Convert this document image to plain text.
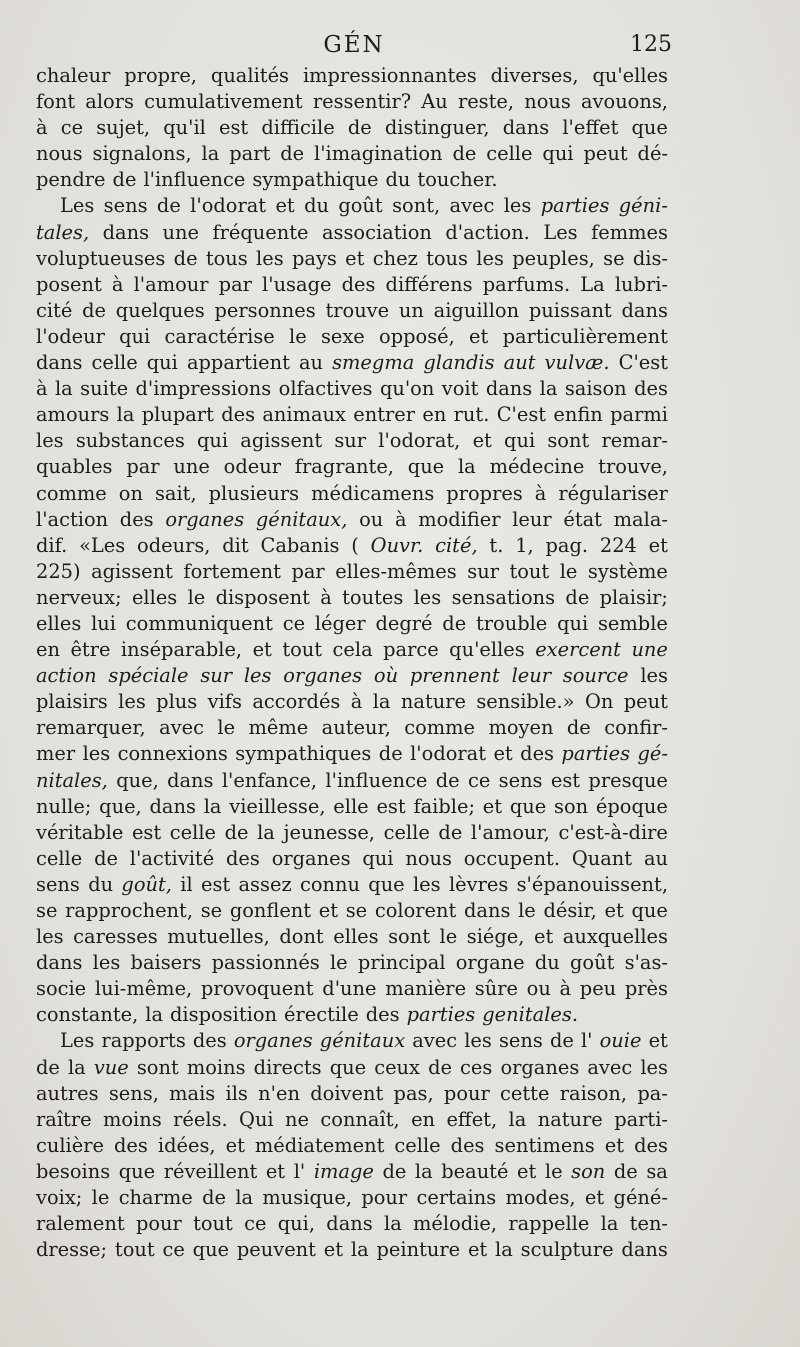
GÉN	125
chaleur propre, qualités impressionnantes diverses, qu'elles
font alors cumulativement ressentir? Au reste, nous avouons,
à ce sujet, qu'il est difficile de distinguer, dans l'effet que
nous signalons, la part de l'imagination de celle qui peut dé-
pendre de l'influence sympathique du toucher.
Les sens de l'odorat et du goût sont, avec les parties géni-
tales, dans une fréquente association d'action. Les femmes
voluptueuses de tous les pays et chez tous les peuples, se dis-
posent à l'amour par l'usage des différens parfums. La lubri-
cité de quelques personnes trouve un aiguillon puissant dans
l'odeur qui caractérise le sexe opposé, et particulièrement
dans celle qui appartient au smegma glandis aut vulvæ. C'est
à la suite d'impressions olfactives qu'on voit dans la saison des
amours la plupart des animaux entrer en rut. C'est enfin parmi
les substances qui agissent sur l'odorat, et qui sont remar-
quables par une odeur fragrante, que la médecine trouve,
comme on sait, plusieurs médicamens propres à régulariser
l'action des organes génitaux, ou à modifier leur état mala-
dif. «Les odeurs, dit Cabanis ( Ouvr. cité, t. 1, pag. 224 et
225) agissent fortement par elles-mêmes sur tout le système
nerveux; elles le disposent à toutes les sensations de plaisir;
elles lui communiquent ce léger degré de trouble qui semble
en être inséparable, et tout cela parce qu'elles exercent une
action spéciale sur les organes où prennent leur source les
plaisirs les plus vifs accordés à la nature sensible.» On peut
remarquer, avec le même auteur, comme moyen de confir-
mer les connexions sympathiques de l'odorat et des parties gé-
nitales, que, dans l'enfance, l'influence de ce sens est presque
nulle; que, dans la vieillesse, elle est faible; et que son époque
véritable est celle de la jeunesse, celle de l'amour, c'est-à-dire
celle de l'activité des organes qui nous occupent. Quant au
sens du goût, il est assez connu que les lèvres s'épanouissent,
se rapprochent, se gonflent et se colorent dans le désir, et que
les caresses mutuelles, dont elles sont le siége, et auxquelles
dans les baisers passionnés le principal organe du goût s'as-
socie lui-même, provoquent d'une manière sûre ou à peu près
constante, la disposition érectile des parties genitales.
Les rapports des organes génitaux avec les sens de l' ouie et
de la vue sont moins directs que ceux de ces organes avec les
autres sens, mais ils n'en doivent pas, pour cette raison, pa-
raître moins réels. Qui ne connaît, en effet, la nature parti-
culière des idées, et médiatement celle des sentimens et des
besoins que réveillent et l' image de la beauté et le son de sa
voix; le charme de la musique, pour certains modes, et géné-
ralement pour tout ce qui, dans la mélodie, rappelle la ten-
dresse; tout ce que peuvent et la peinture et la sculpture dans
